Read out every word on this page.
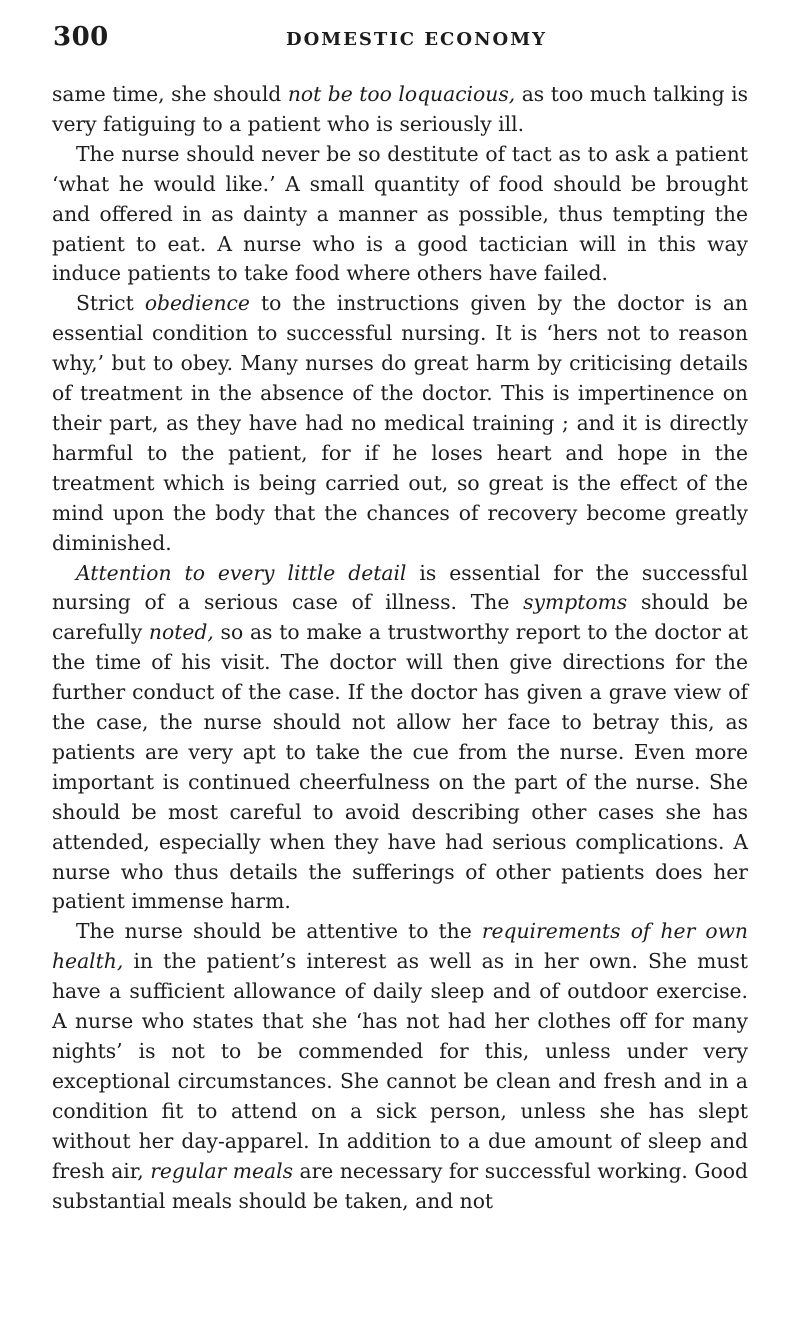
300	DOMESTIC ECONOMY

same time, she should not be too loquacious, as too much talking is very fatiguing to a patient who is seriously ill.

The nurse should never be so destitute of tact as to ask a patient ‘what he would like.’ A small quantity of food should be brought and offered in as dainty a manner as possible, thus tempting the patient to eat. A nurse who is a good tactician will in this way induce patients to take food where others have failed.

Strict obedience to the instructions given by the doctor is an essential condition to successful nursing. It is ‘hers not to reason why,’ but to obey. Many nurses do great harm by criticising details of treatment in the absence of the doctor. This is impertinence on their part, as they have had no medical training ; and it is directly harmful to the patient, for if he loses heart and hope in the treatment which is being carried out, so great is the effect of the mind upon the body that the chances of recovery become greatly diminished.

Attention to every little detail is essential for the successful nursing of a serious case of illness. The symptoms should be carefully noted, so as to make a trustworthy report to the doctor at the time of his visit. The doctor will then give directions for the further conduct of the case. If the doctor has given a grave view of the case, the nurse should not allow her face to betray this, as patients are very apt to take the cue from the nurse. Even more important is continued cheerfulness on the part of the nurse. She should be most careful to avoid describing other cases she has attended, especially when they have had serious complications. A nurse who thus details the sufferings of other patients does her patient immense harm.

The nurse should be attentive to the requirements of her own health, in the patient’s interest as well as in her own. She must have a sufficient allowance of daily sleep and of outdoor exercise. A nurse who states that she ‘has not had her clothes off for many nights’ is not to be commended for this, unless under very exceptional circumstances. She cannot be clean and fresh and in a condition fit to attend on a sick person, unless she has slept without her day-apparel. In addition to a due amount of sleep and fresh air, regular meals are necessary for successful working. Good substantial meals should be taken, and not
